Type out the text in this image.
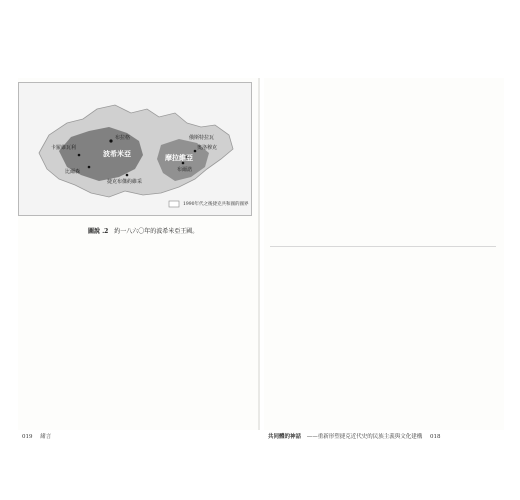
布拉格
卡羅維瓦利
比爾森
捷克布傑約維采
波希米亞	摩拉維亞
奧洛穆克
布爾諾
俄斯特拉瓦
1990年代之後捷克共和國的國界
圖說 .2 約一八六〇年的波希米亞王國。
019 緒言	共同體的神話 ——重新形塑捷克近代史的民族主義與文化建構 018
